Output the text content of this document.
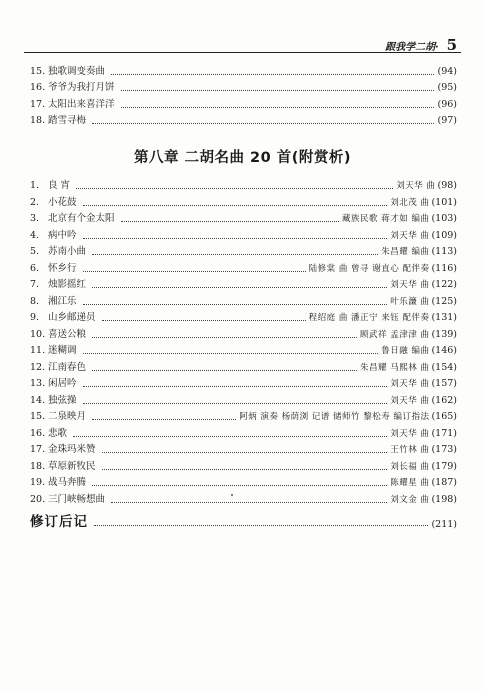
跟我学二胡· 5
15. 独歌调变奏曲	(94)
16. 爷爷为我打月饼	(95)
17. 太阳出来喜洋洋	(96)
18. 踏雪寻梅	(97)
第八章 二胡名曲 20 首(附赏析)
1. 良 宵	刘天华 曲 (98)
2. 小花鼓	刘北茂 曲 (101)
3. 北京有个金太阳	藏族民歌 蒋才如 编曲 (103)
4. 病中吟	刘天华 曲 (109)
5. 苏南小曲	朱昌耀 编曲 (113)
6. 怀乡行	陆修棠 曲 曾寻 谢直心 配伴奏 (116)
7. 烛影摇红	刘天华 曲 (122)
8. 湘江乐	叶乐濂 曲 (125)
9. 山乡邮递员	程绍庭 曲 潘正宁 来钰 配伴奏 (131)
10. 喜送公粮	顾武祥 孟津津 曲 (139)
11. 迷糊调	鲁日融 编曲 (146)
12. 江南春色	朱昌耀 马熙林 曲 (154)
13. 闲居吟	刘天华 曲 (157)
14. 独弦操	刘天华 曲 (162)
15. 二泉映月	阿炳 演奏 杨荫浏 记谱 储师竹 黎松寿 编订指法 (165)
16. 悲歌	刘天华 曲 (171)
17. 金珠玛米赞	王竹林 曲 (173)
18. 草原新牧民	刘长福 曲 (179)
19. 战马奔腾	陈耀星 曲 (187)
20. 三门峡畅想曲	刘文金 曲 (198)
修订后记	(211)
